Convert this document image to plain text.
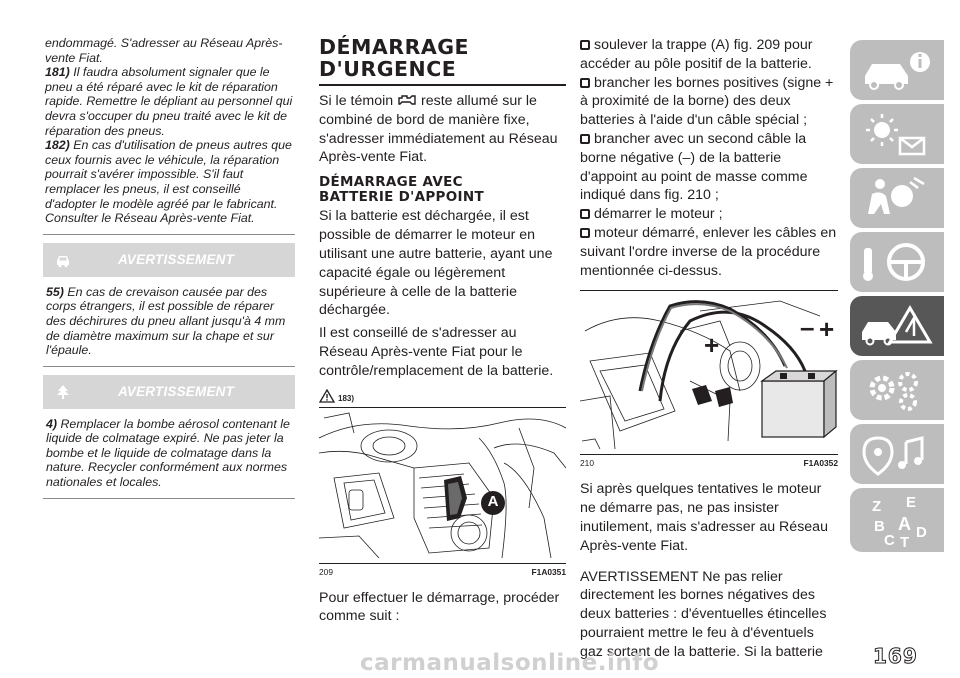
endommagé. S'adresser au Réseau Après-vente Fiat.

181) Il faudra absolument signaler que le pneu a été réparé avec le kit de réparation rapide. Remettre le dépliant au personnel qui devra s'occuper du pneu traité avec le kit de réparation des pneus.

182) En cas d'utilisation de pneus autres que ceux fournis avec le véhicule, la réparation pourrait s'avérer impossible. S'il faut remplacer les pneus, il est conseillé d'adopter le modèle agréé par le fabricant. Consulter le Réseau Après-vente Fiat.

AVERTISSEMENT

55) En cas de crevaison causée par des corps étrangers, il est possible de réparer des déchirures du pneu allant jusqu'à 4 mm de diamètre maximum sur la chape et sur l'épaule.

AVERTISSEMENT

4) Remplacer la bombe aérosol contenant le liquide de colmatage expiré. Ne pas jeter la bombe et le liquide de colmatage dans la nature. Recycler conformément aux normes nationales et locales.

DÉMARRAGE
D'URGENCE

Si le témoin reste allumé sur le combiné de bord de manière fixe, s'adresser immédiatement au Réseau Après-vente Fiat.

DÉMARRAGE AVEC
BATTERIE D'APPOINT

Si la batterie est déchargée, il est possible de démarrer le moteur en utilisant une autre batterie, ayant une capacité égale ou légèrement supérieure à celle de la batterie déchargée.

Il est conseillé de s'adresser au Réseau Après-vente Fiat pour le contrôle/remplacement de la batterie.

183)
A
209	F1A0351

Pour effectuer le démarrage, procéder comme suit :

soulever la trappe (A) fig. 209 pour accéder au pôle positif de la batterie.

brancher les bornes positives (signe + à proximité de la borne) des deux batteries à l'aide d'un câble spécial ;

brancher avec un second câble la borne négative (–) de la batterie d'appoint au point de masse comme indiqué dans fig. 210 ;

démarrer le moteur ;

moteur démarré, enlever les câbles en suivant l'ordre inverse de la procédure mentionnée ci-dessus.

– +
+
210	F1A0352

Si après quelques tentatives le moteur ne démarre pas, ne pas insister inutilement, mais s'adresser au Réseau Après-vente Fiat.

AVERTISSEMENT Ne pas relier directement les bornes négatives des deux batteries : d'éventuelles étincelles pourraient mettre le feu à d'éventuels gaz sortant de la batterie. Si la batterie

Z E
B A
C T
D
169
carmanualsonline.info
